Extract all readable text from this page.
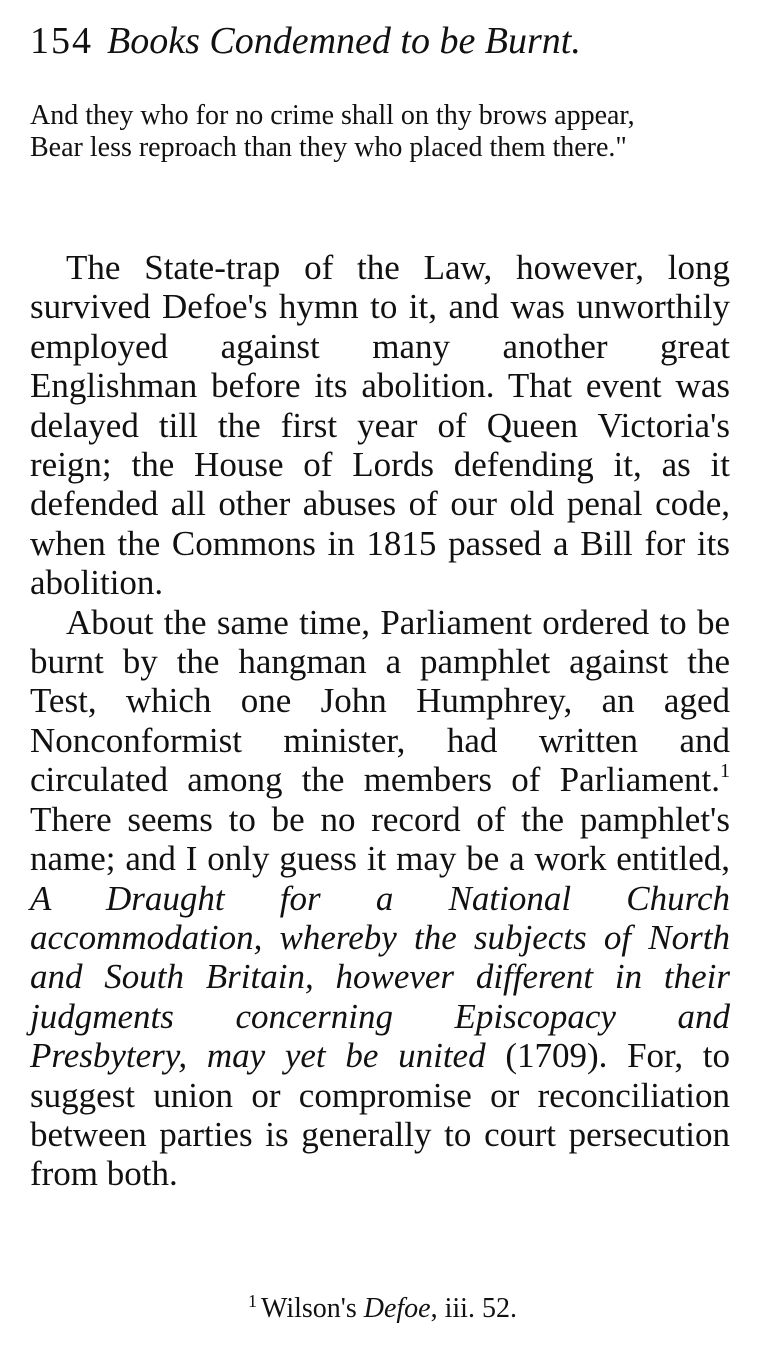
154 Books Condemned to be Burnt.
And they who for no crime shall on thy brows appear,
Bear less reproach than they who placed them there."

The State-trap of the Law, however, long survived Defoe's hymn to it, and was unworthily employed against many another great Englishman before its abolition. That event was delayed till the first year of Queen Victoria's reign; the House of Lords defending it, as it defended all other abuses of our old penal code, when the Commons in 1815 passed a Bill for its abolition.

About the same time, Parliament ordered to be burnt by the hangman a pamphlet against the Test, which one John Humphrey, an aged Nonconformist minister, had written and circulated among the members of Parliament.$^1$ There seems to be no record of the pamphlet's name; and I only guess it may be a work entitled, A Draught for a National Church accommodation, whereby the subjects of North and South Britain, however different in their judgments concerning Episcopacy and Presbytery, may yet be united (1709). For, to suggest union or compromise or reconciliation between parties is generally to court persecution from both.

$^1$ Wilson's Defoe, iii. 52.
